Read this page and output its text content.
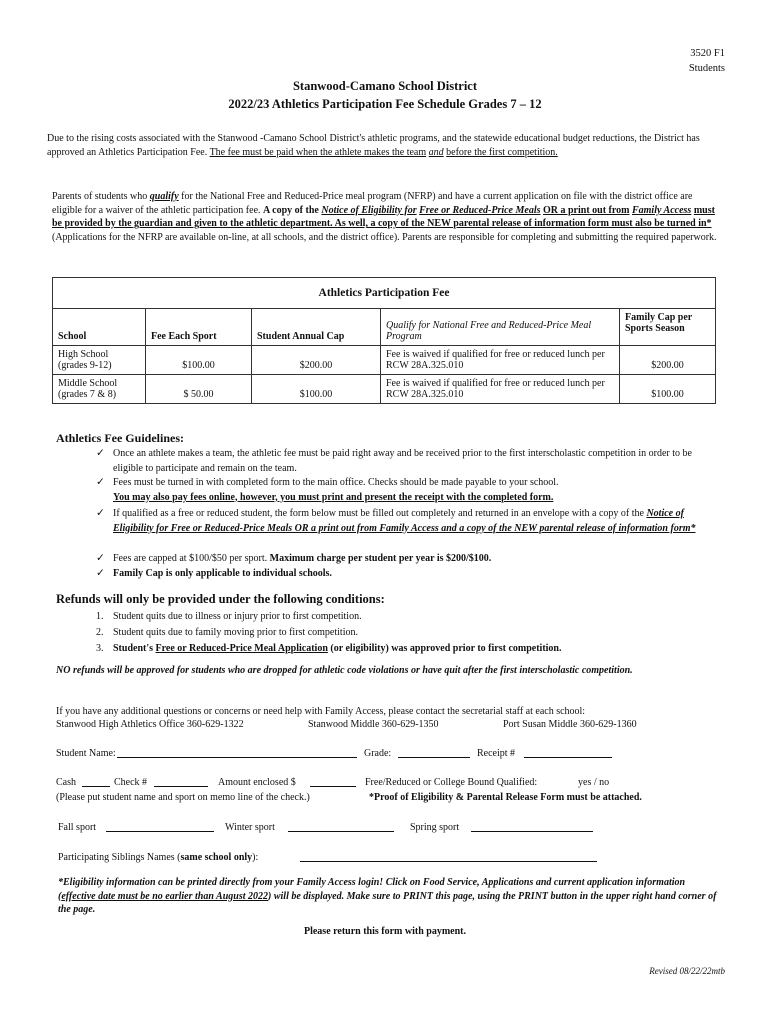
3520 F1
Students
Stanwood-Camano School District
2022/23 Athletics Participation Fee Schedule Grades 7 – 12
Due to the rising costs associated with the Stanwood -Camano School District's athletic programs, and the statewide educational budget reductions, the District has approved an Athletics Participation Fee. The fee must be paid when the athlete makes the team and before the first competition.
Parents of students who qualify for the National Free and Reduced-Price meal program (NFRP) and have a current application on file with the district office are eligible for a waiver of the athletic participation fee. A copy of the Notice of Eligibility for Free or Reduced-Price Meals OR a print out from Family Access must be provided by the guardian and given to the athletic department. As well, a copy of the NEW parental release of information form must also be turned in* (Applications for the NFRP are available on-line, at all schools, and the district office). Parents are responsible for completing and submitting the required paperwork.
Athletics Participation Fee				
School	Fee Each Sport	Student Annual Cap	Qualify for National Free and Reduced-Price Meal Program	Family Cap per Sports Season
High School (grades 9-12)	$100.00	$200.00	Fee is waived if qualified for free or reduced lunch per RCW 28A.325.010	$200.00
Middle School (grades 7 & 8)	$ 50.00	$100.00	Fee is waived if qualified for free or reduced lunch per RCW 28A.325.010	$100.00
Athletics Fee Guidelines:
✓ Once an athlete makes a team, the athletic fee must be paid right away and be received prior to the first interscholastic competition in order to be eligible to participate and remain on the team.
✓ Fees must be turned in with completed form to the main office. Checks should be made payable to your school.
You may also pay fees online, however, you must print and present the receipt with the completed form.
✓ If qualified as a free or reduced student, the form below must be filled out completely and returned in an envelope with a copy of the Notice of Eligibility for Free or Reduced-Price Meals OR a print out from Family Access and a copy of the NEW parental release of information form*
✓ Fees are capped at $100/$50 per sport. Maximum charge per student per year is $200/$100.
✓ Family Cap is only applicable to individual schools.
Refunds will only be provided under the following conditions:
1. Student quits due to illness or injury prior to first competition.
2. Student quits due to family moving prior to first competition.
3. Student's Free or Reduced-Price Meal Application (or eligibility) was approved prior to first competition.
NO refunds will be approved for students who are dropped for athletic code violations or have quit after the first interscholastic competition.
If you have any additional questions or concerns or need help with Family Access, please contact the secretarial staff at each school:
Stanwood High Athletics Office 360-629-1322	Stanwood Middle 360-629-1350	Port Susan Middle 360-629-1360
Student Name:	Grade:	Receipt #
Cash	Check #	Amount enclosed $	Free/Reduced or College Bound Qualified:	yes / no
(Please put student name and sport on memo line of the check.)	*Proof of Eligibility & Parental Release Form must be attached.
Fall sport	Winter sport	Spring sport
Participating Siblings Names (same school only):
*Eligibility information can be printed directly from your Family Access login! Click on Food Service, Applications and current application information (effective date must be no earlier than August 2022) will be displayed. Make sure to PRINT this page, using the PRINT button in the upper right hand corner of the page.
Please return this form with payment.
Revised 08/22/22mtb
